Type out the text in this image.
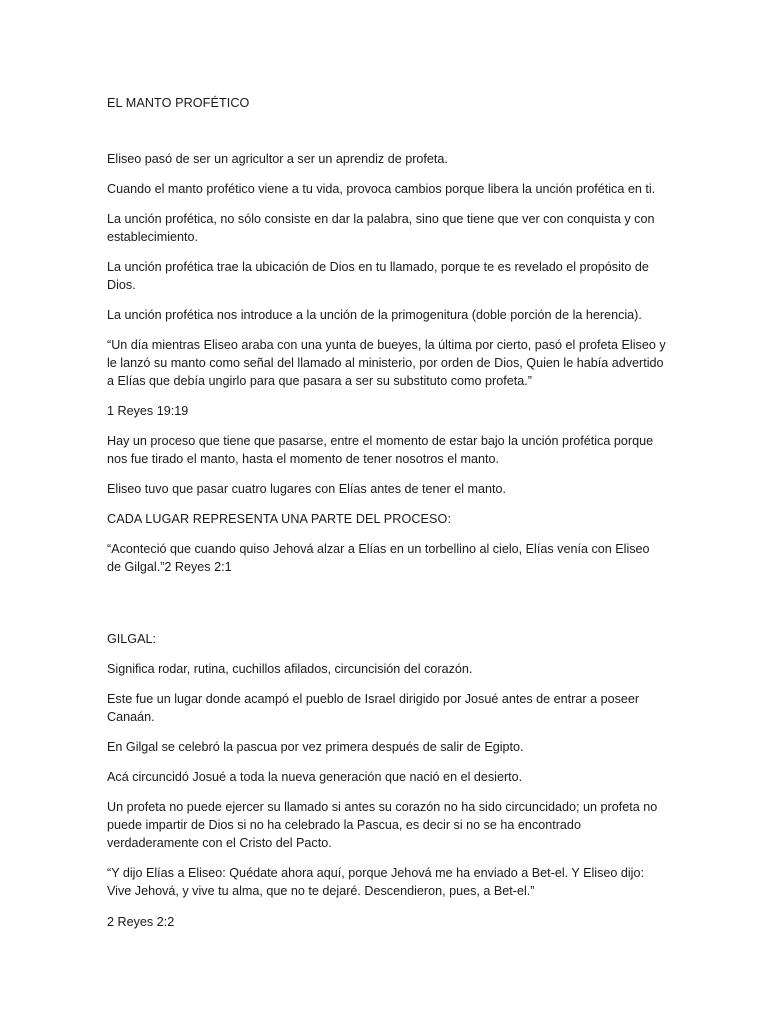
EL MANTO PROFÉTICO

Eliseo pasó de ser un agricultor a ser un aprendiz de profeta.

Cuando el manto profético viene a tu vida, provoca cambios porque libera la unción profética en ti.

La unción profética, no sólo consiste en dar la palabra, sino que tiene que ver con conquista y con establecimiento.

La unción profética trae la ubicación de Dios en tu llamado, porque te es revelado el propósito de Dios.

La unción profética nos introduce a la unción de la primogenitura (doble porción de la herencia).

“Un día mientras Eliseo araba con una yunta de bueyes, la última por cierto, pasó el profeta Eliseo y le lanzó su manto como señal del llamado al ministerio, por orden de Dios, Quien le había advertido a Elías que debía ungirlo para que pasara a ser su substituto como profeta.”

1 Reyes 19:19

Hay un proceso que tiene que pasarse, entre el momento de estar bajo la unción profética porque nos fue tirado el manto, hasta el momento de tener nosotros el manto.

Eliseo tuvo que pasar cuatro lugares con Elías antes de tener el manto.

CADA LUGAR REPRESENTA UNA PARTE DEL PROCESO:

“Aconteció que cuando quiso Jehová alzar a Elías en un torbellino al cielo, Elías venía con Eliseo de Gilgal.”2 Reyes 2:1

GILGAL:

Significa rodar, rutina, cuchillos afilados, circuncisión del corazón.

Este fue un lugar donde acampó el pueblo de Israel dirigido por Josué antes de entrar a poseer Canaán.

En Gilgal se celebró la pascua por vez primera después de salir de Egipto.

Acá circuncidó Josué a toda la nueva generación que nació en el desierto.

Un profeta no puede ejercer su llamado si antes su corazón no ha sido circuncidado; un profeta no puede impartir de Dios si no ha celebrado la Pascua, es decir si no se ha encontrado verdaderamente con el Cristo del Pacto.

“Y dijo Elías a Eliseo: Quédate ahora aquí, porque Jehová me ha enviado a Bet-el. Y Eliseo dijo: Vive Jehová, y vive tu alma, que no te dejaré. Descendieron, pues, a Bet-el.”

2 Reyes 2:2
